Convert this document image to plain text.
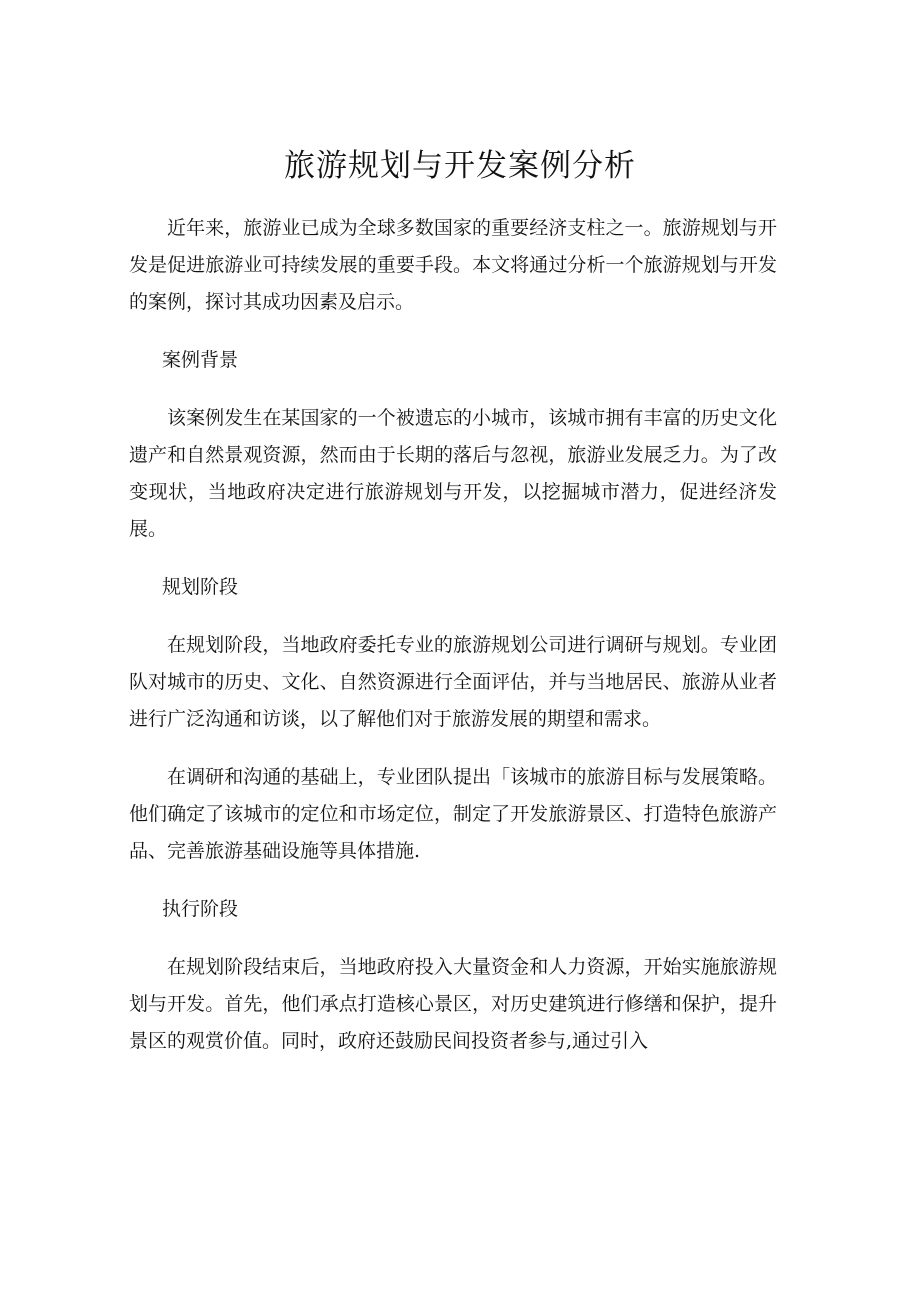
旅游规划与开发案例分析

近年来，旅游业已成为全球多数国家的重要经济支柱之一。旅游规划与开发是促进旅游业可持续发展的重要手段。本文将通过分析一个旅游规划与开发的案例，探讨其成功因素及启示。

案例背景

该案例发生在某国家的一个被遗忘的小城市，该城市拥有丰富的历史文化遗产和自然景观资源，然而由于长期的落后与忽视，旅游业发展乏力。为了改变现状，当地政府决定进行旅游规划与开发，以挖掘城市潜力，促进经济发展。

规划阶段

在规划阶段，当地政府委托专业的旅游规划公司进行调研与规划。专业团队对城市的历史、文化、自然资源进行全面评估，并与当地居民、旅游从业者进行广泛沟通和访谈，以了解他们对于旅游发展的期望和需求。

在调研和沟通的基础上，专业团队提出「该城市的旅游目标与发展策略。他们确定了该城市的定位和市场定位，制定了开发旅游景区、打造特色旅游产品、完善旅游基础设施等具体措施.

执行阶段

在规划阶段结束后，当地政府投入大量资金和人力资源，开始实施旅游规划与开发。首先，他们承点打造核心景区，对历史建筑进行修缮和保护，提升景区的观赏价值。同时，政府还鼓励民间投资者参与,通过引入
